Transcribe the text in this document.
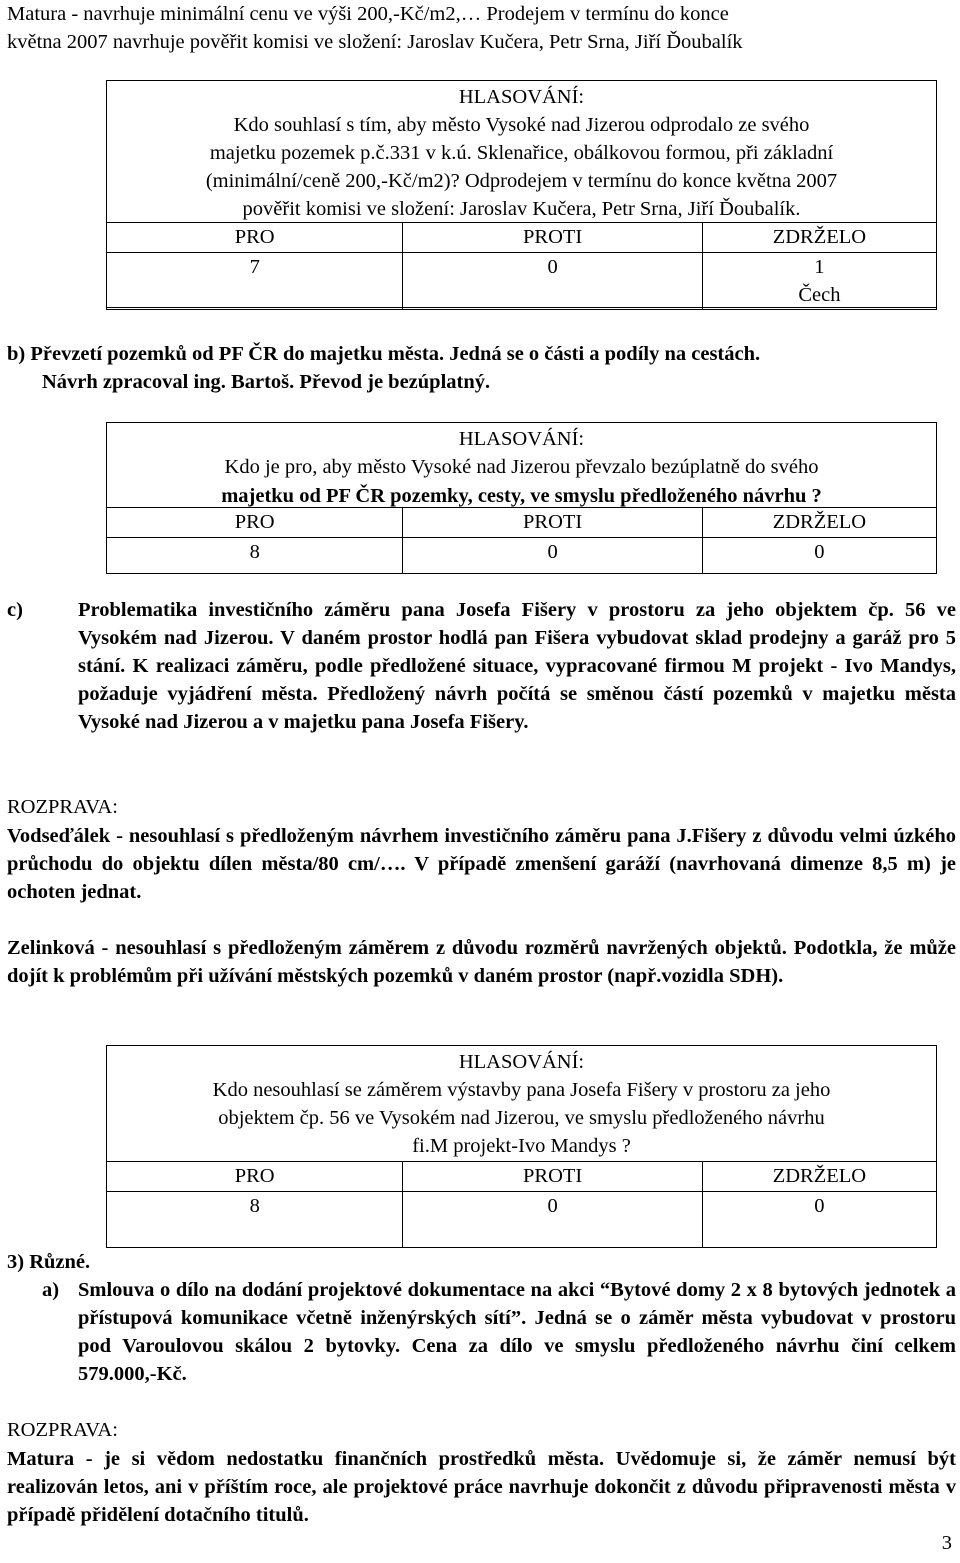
Matura - navrhuje minimální cenu ve výši 200,-Kč/m2,… Prodejem v termínu do konce
května 2007 navrhuje pověřit komisi ve složení: Jaroslav Kučera, Petr Srna, Jiří Ďoubalík
HLASOVÁNÍ:
Kdo souhlasí s tím, aby město Vysoké nad Jizerou odprodalo ze svého
majetku pozemek p.č.331 v k.ú. Sklenařice, obálkovou formou, při základní
(minimální/ceně 200,-Kč/m2)? Odprodejem v termínu do konce května 2007
pověřit komisi ve složení: Jaroslav Kučera, Petr Srna, Jiří Ďoubalík.
PRO	PROTI	ZDRŽELO
7	0	1
Čech
b) Převzetí pozemků od PF ČR do majetku města. Jedná se o části a podíly na cestách.
Návrh zpracoval ing. Bartoš. Převod je bezúplatný.
HLASOVÁNÍ:
Kdo je pro, aby město Vysoké nad Jizerou převzalo bezúplatně do svého
majetku od PF ČR pozemky, cesty, ve smyslu předloženého návrhu ?
PRO	PROTI	ZDRŽELO
8	0	0
c)	Problematika investičního záměru pana Josefa Fišery v prostoru za jeho objektem čp. 56 ve Vysokém nad Jizerou. V daném prostor hodlá pan Fišera vybudovat sklad prodejny a garáž pro 5 stání. K realizaci záměru, podle předložené situace, vypracované firmou M projekt - Ivo Mandys, požaduje vyjádření města. Předložený návrh počítá se směnou částí pozemků v majetku města Vysoké nad Jizerou a v majetku pana Josefa Fišery.
ROZPRAVA:
Vodseďálek - nesouhlasí s předloženým návrhem investičního záměru pana J.Fišery z důvodu velmi úzkého průchodu do objektu dílen města/80 cm/…. V případě zmenšení garáží (navrhovaná dimenze 8,5 m) je ochoten jednat.
Zelinková - nesouhlasí s předloženým záměrem z důvodu rozměrů navržených objektů. Podotkla, že může dojít k problémům při užívání městských pozemků v daném prostor (např.vozidla SDH).
HLASOVÁNÍ:
Kdo nesouhlasí se záměrem výstavby pana Josefa Fišery v prostoru za jeho
objektem čp. 56 ve Vysokém nad Jizerou, ve smyslu předloženého návrhu
fi.M projekt-Ivo Mandys ?
PRO	PROTI	ZDRŽELO
8	0	0
3) Různé.
a) Smlouva o dílo na dodání projektové dokumentace na akci “Bytové domy 2 x 8 bytových jednotek a přístupová komunikace včetně inženýrských sítí”. Jedná se o záměr města vybudovat v prostoru pod Varoulovou skálou 2 bytovky. Cena za dílo ve smyslu předloženého návrhu činí celkem 579.000,-Kč.
ROZPRAVA:
Matura - je si vědom nedostatku finančních prostředků města. Uvědomuje si, že záměr nemusí být realizován letos, ani v příštím roce, ale projektové práce navrhuje dokončit z důvodu připravenosti města v případě přidělení dotačního titulů.
3
